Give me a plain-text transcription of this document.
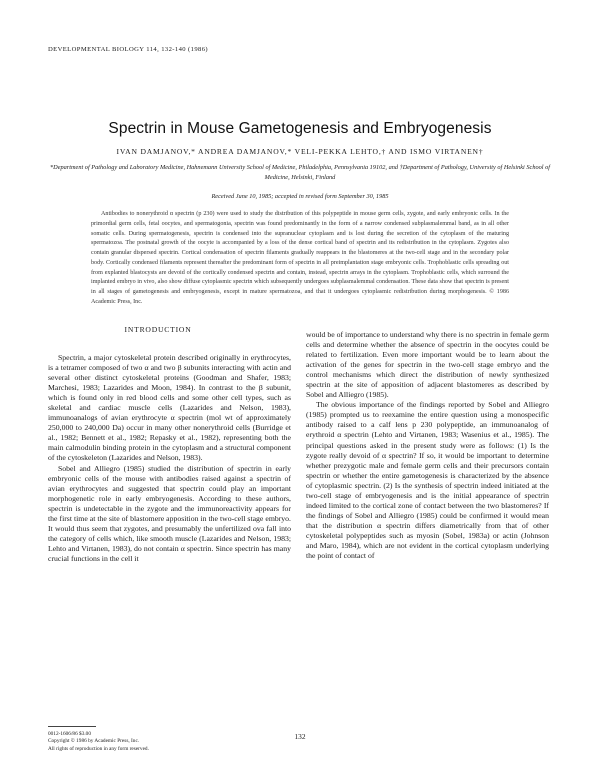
DEVELOPMENTAL BIOLOGY 114, 132-140 (1986)
Spectrin in Mouse Gametogenesis and Embryogenesis
IVAN DAMJANOV,* ANDREA DAMJANOV,* VELI-PEKKA LEHTO,† AND ISMO VIRTANEN†
*Department of Pathology and Laboratory Medicine, Hahnemann University School of Medicine, Philadelphia, Pennsylvania 19102, and †Department of Pathology, University of Helsinki School of Medicine, Helsinki, Finland
Received June 10, 1985; accepted in revised form September 30, 1985

Antibodies to nonerythroid α spectrin (p 230) were used to study the distribution of this polypeptide in mouse germ cells, zygote, and early embryonic cells. In the primordial germ cells, fetal oocytes, and spermatogonia, spectrin was found predominantly in the form of a narrow condensed subplasmalemmal band, as in all other somatic cells. During spermatogenesis, spectrin is condensed into the supranuclear cytoplasm and is lost during the secretion of the cytoplasm of the maturing spermatozoa. The postnatal growth of the oocyte is accompanied by a loss of the dense cortical band of spectrin and its redistribution in the cytoplasm. Zygotes also contain granular dispersed spectrin. Cortical condensation of spectrin filaments gradually reappears in the blastomeres at the two-cell stage and in the secondary polar body. Cortically condensed filaments represent thereafter the predominant form of spectrin in all preimplantation stage embryonic cells. Trophoblastic cells spreading out from explanted blastocysts are devoid of the cortically condensed spectrin and contain, instead, spectrin arrays in the cytoplasm. Trophoblastic cells, which surround the implanted embryo in vivo, also show diffuse cytoplasmic spectrin which subsequently undergoes subplasmalemmal condensation. These data show that spectrin is present in all stages of gametogenesis and embryogenesis, except in mature spermatozoa, and that it undergoes cytoplasmic redistribution during morphogenesis. © 1986 Academic Press, Inc.

INTRODUCTION

Spectrin, a major cytoskeletal protein described originally in erythrocytes, is a tetramer composed of two α and two β subunits interacting with actin and several other distinct cytoskeletal proteins (Goodman and Shafer, 1983; Marchesi, 1983; Lazarides and Moon, 1984). In contrast to the β subunit, which is found only in red blood cells and some other cell types, such as skeletal and cardiac muscle cells (Lazarides and Nelson, 1983), immunoanalogs of avian erythrocyte α spectrin (mol wt of approximately 250,000 to 240,000 Da) occur in many other nonerythroid cells (Burridge et al., 1982; Bennett et al., 1982; Repasky et al., 1982), representing both the main calmodulin binding protein in the cytoplasm and a structural component of the cytoskeleton (Lazarides and Nelson, 1983).

Sobel and Alliegro (1985) studied the distribution of spectrin in early embryonic cells of the mouse with antibodies raised against a spectrin of avian erythrocytes and suggested that spectrin could play an important morphogenetic role in early embryogenesis. According to these authors, spectrin is undetectable in the zygote and the immunoreactivity appears for the first time at the site of blastomere apposition in the two-cell stage embryo. It would thus seem that zygotes, and presumably the unfertilized ova fall into the category of cells which, like smooth muscle (Lazarides and Nelson, 1983; Lehto and Virtanen, 1983), do not contain α spectrin. Since spectrin has many crucial functions in the cell it

would be of importance to understand why there is no spectrin in female germ cells and determine whether the absence of spectrin in the oocytes could be related to fertilization. Even more important would be to learn about the activation of the genes for spectrin in the two-cell stage embryo and the control mechanisms which direct the distribution of newly synthesized spectrin at the site of apposition of adjacent blastomeres as described by Sobel and Alliegro (1985).

The obvious importance of the findings reported by Sobel and Alliegro (1985) prompted us to reexamine the entire question using a monospecific antibody raised to a calf lens p 230 polypeptide, an immunoanalog of erythroid α spectrin (Lehto and Virtanen, 1983; Wasenius et al., 1985). The principal questions asked in the present study were as follows: (1) Is the zygote really devoid of α spectrin? If so, it would be important to determine whether prezygotic male and female germ cells and their precursors contain spectrin or whether the entire gametogenesis is characterized by the absence of cytoplasmic spectrin. (2) Is the synthesis of spectrin indeed initiated at the two-cell stage of embryogenesis and is the initial appearance of spectrin indeed limited to the cortical zone of contact between the two blastomeres? If the findings of Sobel and Alliegro (1985) could be confirmed it would mean that the distribution α spectrin differs diametrically from that of other cytoskeletal polypeptides such as myosin (Sobel, 1983a) or actin (Johnson and Maro, 1984), which are not evident in the cortical cytoplasm underlying the point of contact of

0012-1606/86 $3.00
Copyright © 1986 by Academic Press, Inc.
All rights of reproduction in any form reserved.
132
